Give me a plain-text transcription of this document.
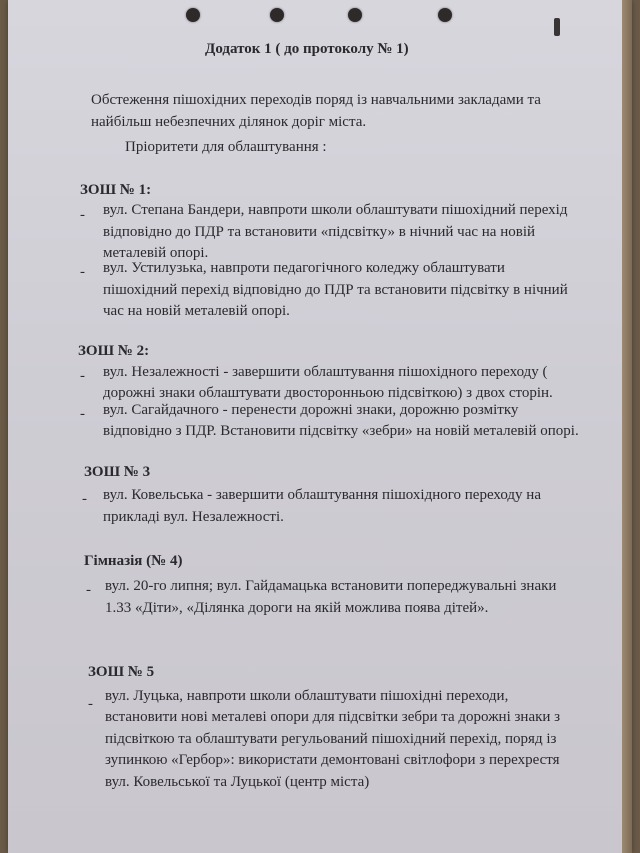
Додаток 1 ( до протоколу № 1)
Обстеження пішохідних переходів поряд із навчальними закладами та
найбільш небезпечних ділянок доріг міста.
Пріоритети для облаштування :
ЗОШ № 1:
- вул. Степана Бандери, навпроти школи облаштувати пішохідний перехід
відповідно до ПДР та встановити «підсвітку» в нічний час на новій
металевій опорі.
- вул. Устилузька, навпроти педагогічного коледжу облаштувати
пішохідний перехід відповідно до ПДР та встановити підсвітку в нічний
час на новій металевій опорі.
ЗОШ № 2:
- вул. Незалежності - завершити облаштування пішохідного переходу (
дорожні знаки облаштувати двосторонньою підсвіткою) з двох сторін.
- вул. Сагайдачного - перенести дорожні знаки, дорожню розмітку
відповідно з ПДР. Встановити підсвітку «зебри» на новій металевій опорі.
ЗОШ № 3
- вул. Ковельська - завершити облаштування пішохідного переходу на
прикладі вул. Незалежності.
Гімназія (№ 4)
- вул. 20-го липня; вул. Гайдамацька встановити попереджувальні знаки
1.33 «Діти», «Ділянка дороги на якій можлива поява дітей».
ЗОШ № 5
- вул. Луцька, навпроти школи облаштувати пішохідні переходи,
встановити нові металеві опори для підсвітки зебри та дорожні знаки з
підсвіткою та облаштувати регульований пішохідний перехід, поряд із
зупинкою «Гербор»: використати демонтовані світлофори з перехрестя
вул. Ковельської та Луцької (центр міста)
